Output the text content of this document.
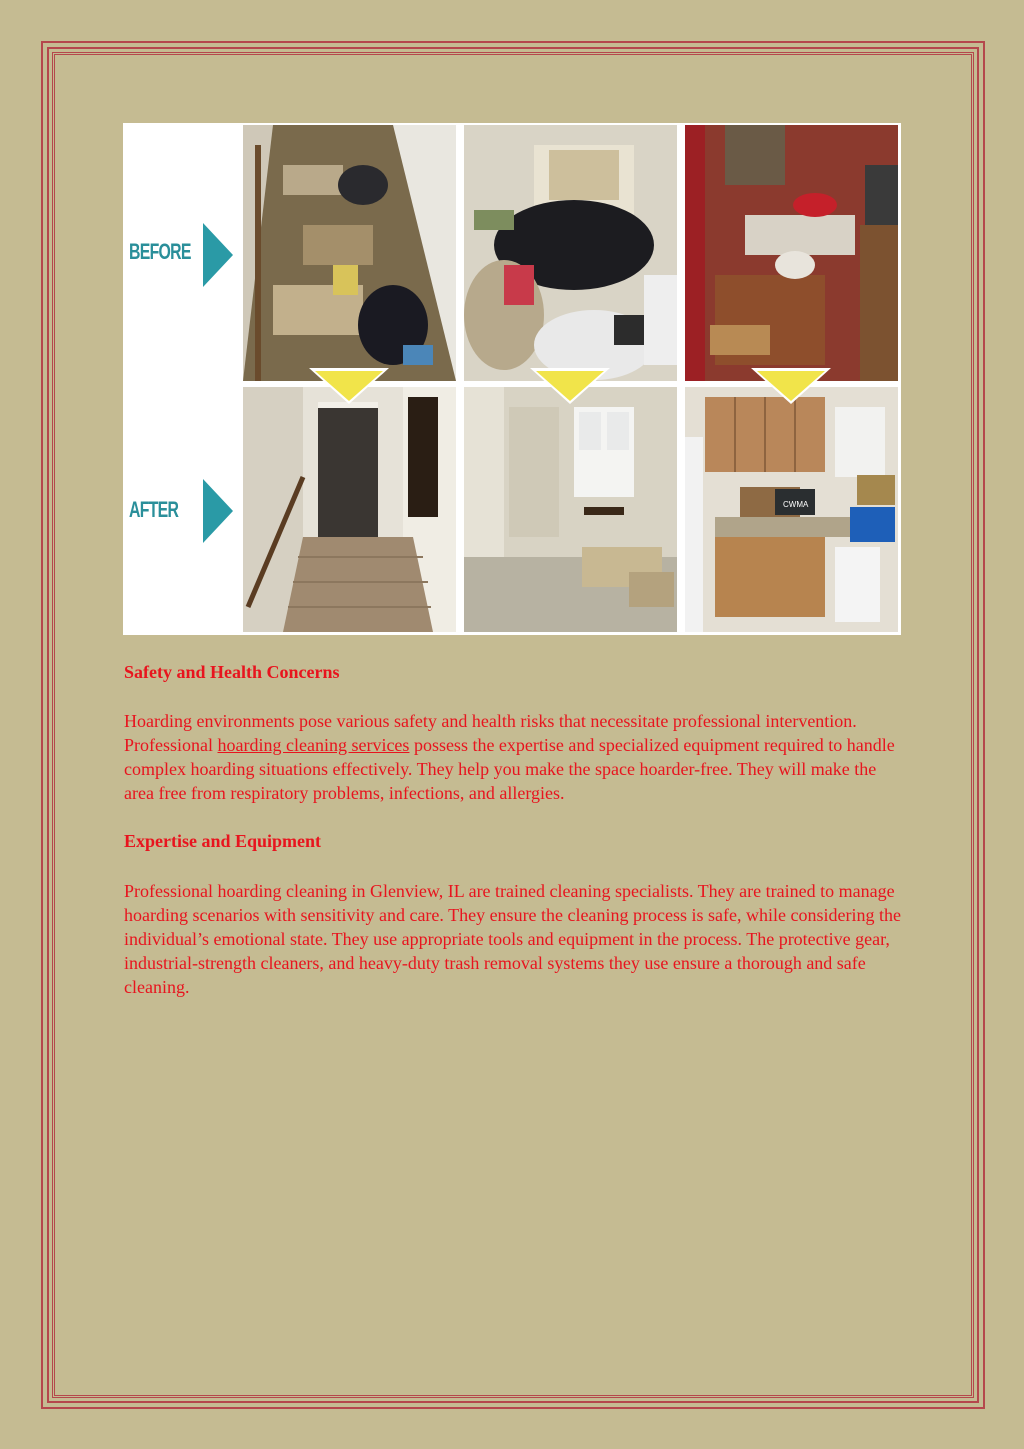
BEFORE
AFTER	CWMA
Safety and Health Concerns

Hoarding environments pose various safety and health risks that necessitate professional intervention. Professional hoarding cleaning services possess the expertise and specialized equipment required to handle complex hoarding situations effectively. They help you make the space hoarder-free. They will make the area free from respiratory problems, infections, and allergies.

Expertise and Equipment

Professional hoarding cleaning in Glenview, IL are trained cleaning specialists. They are trained to manage hoarding scenarios with sensitivity and care. They ensure the cleaning process is safe, while considering the individual’s emotional state. They use appropriate tools and equipment in the process. The protective gear, industrial-strength cleaners, and heavy-duty trash removal systems they use ensure a thorough and safe cleaning.
